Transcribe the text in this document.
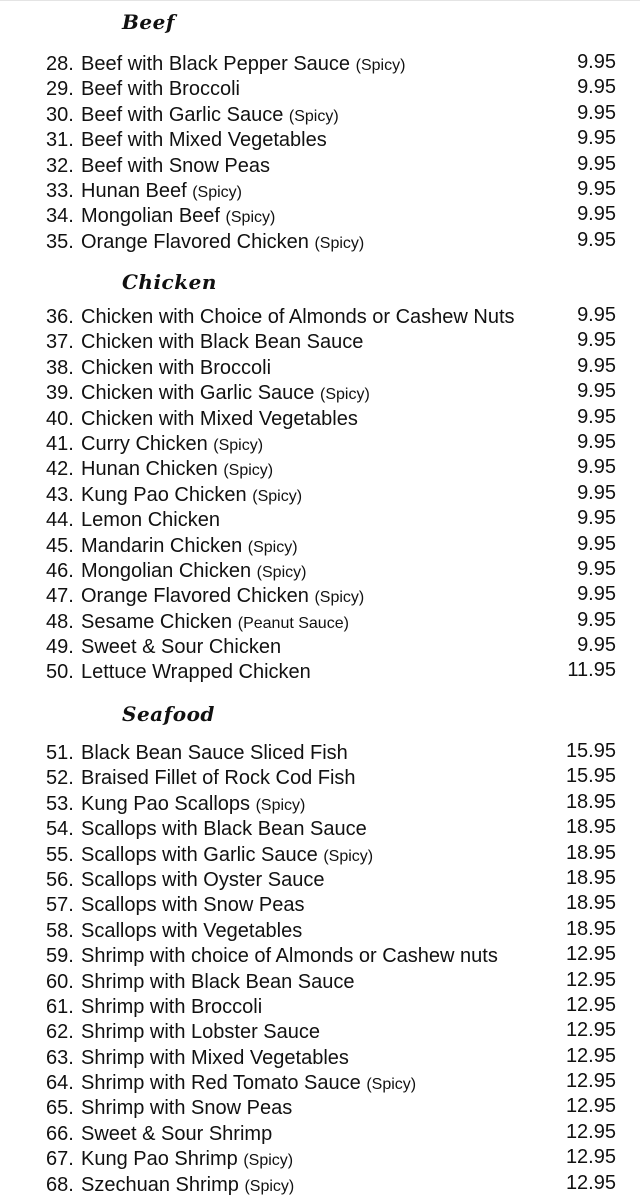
Beef
28. Beef with Black Pepper Sauce (Spicy)	9.95
29. Beef with Broccoli	9.95
30. Beef with Garlic Sauce (Spicy)	9.95
31. Beef with Mixed Vegetables	9.95
32. Beef with Snow Peas	9.95
33. Hunan Beef (Spicy)	9.95
34. Mongolian Beef (Spicy)	9.95
35. Orange Flavored Chicken (Spicy)	9.95
Chicken
36. Chicken with Choice of Almonds or Cashew Nuts	9.95
37. Chicken with Black Bean Sauce	9.95
38. Chicken with Broccoli	9.95
39. Chicken with Garlic Sauce (Spicy)	9.95
40. Chicken with Mixed Vegetables	9.95
41. Curry Chicken (Spicy)	9.95
42. Hunan Chicken (Spicy)	9.95
43. Kung Pao Chicken (Spicy)	9.95
44. Lemon Chicken	9.95
45. Mandarin Chicken (Spicy)	9.95
46. Mongolian Chicken (Spicy)	9.95
47. Orange Flavored Chicken (Spicy)	9.95
48. Sesame Chicken (Peanut Sauce)	9.95
49. Sweet & Sour Chicken	9.95
50. Lettuce Wrapped Chicken	11.95
Seafood
51. Black Bean Sauce Sliced Fish	15.95
52. Braised Fillet of Rock Cod Fish	15.95
53. Kung Pao Scallops (Spicy)	18.95
54. Scallops with Black Bean Sauce	18.95
55. Scallops with Garlic Sauce (Spicy)	18.95
56. Scallops with Oyster Sauce	18.95
57. Scallops with Snow Peas	18.95
58. Scallops with Vegetables	18.95
59. Shrimp with choice of Almonds or Cashew nuts	12.95
60. Shrimp with Black Bean Sauce	12.95
61. Shrimp with Broccoli	12.95
62. Shrimp with Lobster Sauce	12.95
63. Shrimp with Mixed Vegetables	12.95
64. Shrimp with Red Tomato Sauce (Spicy)	12.95
65. Shrimp with Snow Peas	12.95
66. Sweet & Sour Shrimp	12.95
67. Kung Pao Shrimp (Spicy)	12.95
68. Szechuan Shrimp (Spicy)	12.95
